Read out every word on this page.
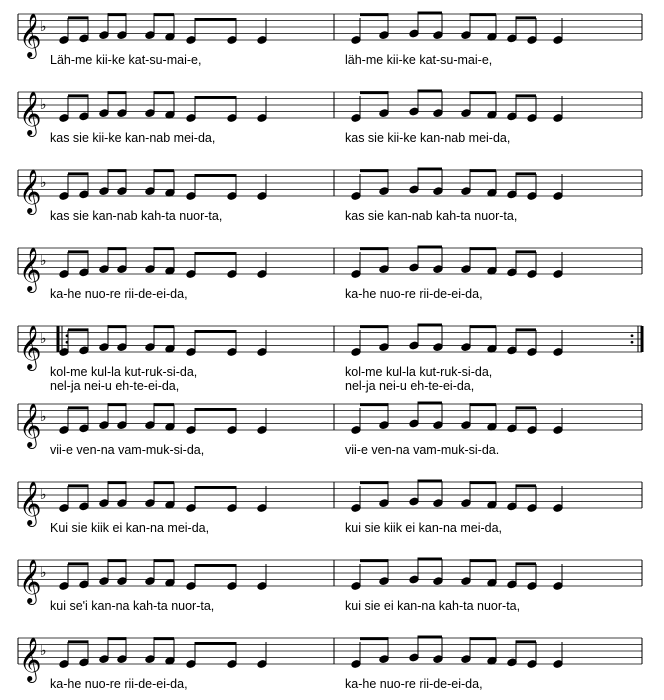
𝄞
♭
𝄞
♭
𝄞
♭
𝄞
♭
𝄞
♭
𝄞
♭
𝄞
♭
𝄞
♭
𝄞
♭
Läh-me kii-ke kat-su-mai-e,	läh-me kii-ke kat-su-mai-e,
kas sie kii-ke kan-nab mei-da,	kas sie kii-ke kan-nab mei-da,
kas sie kan-nab kah-ta nuor-ta,	kas sie kan-nab kah-ta nuor-ta,
ka-he nuo-re rii-de-ei-da,	ka-he nuo-re rii-de-ei-da,
kol-me kul-la kut-ruk-si-da,	kol-me kul-la kut-ruk-si-da,
nel-ja nei-u eh-te-ei-da,	nel-ja nei-u eh-te-ei-da,
vii-e ven-na vam-muk-si-da,	vii-e ven-na vam-muk-si-da.
Kui sie kiik ei kan-na mei-da,	kui sie kiik ei kan-na mei-da,
kui se'i kan-na kah-ta nuor-ta,	kui sie ei kan-na kah-ta nuor-ta,
ka-he nuo-re rii-de-ei-da,	ka-he nuo-re rii-de-ei-da,
